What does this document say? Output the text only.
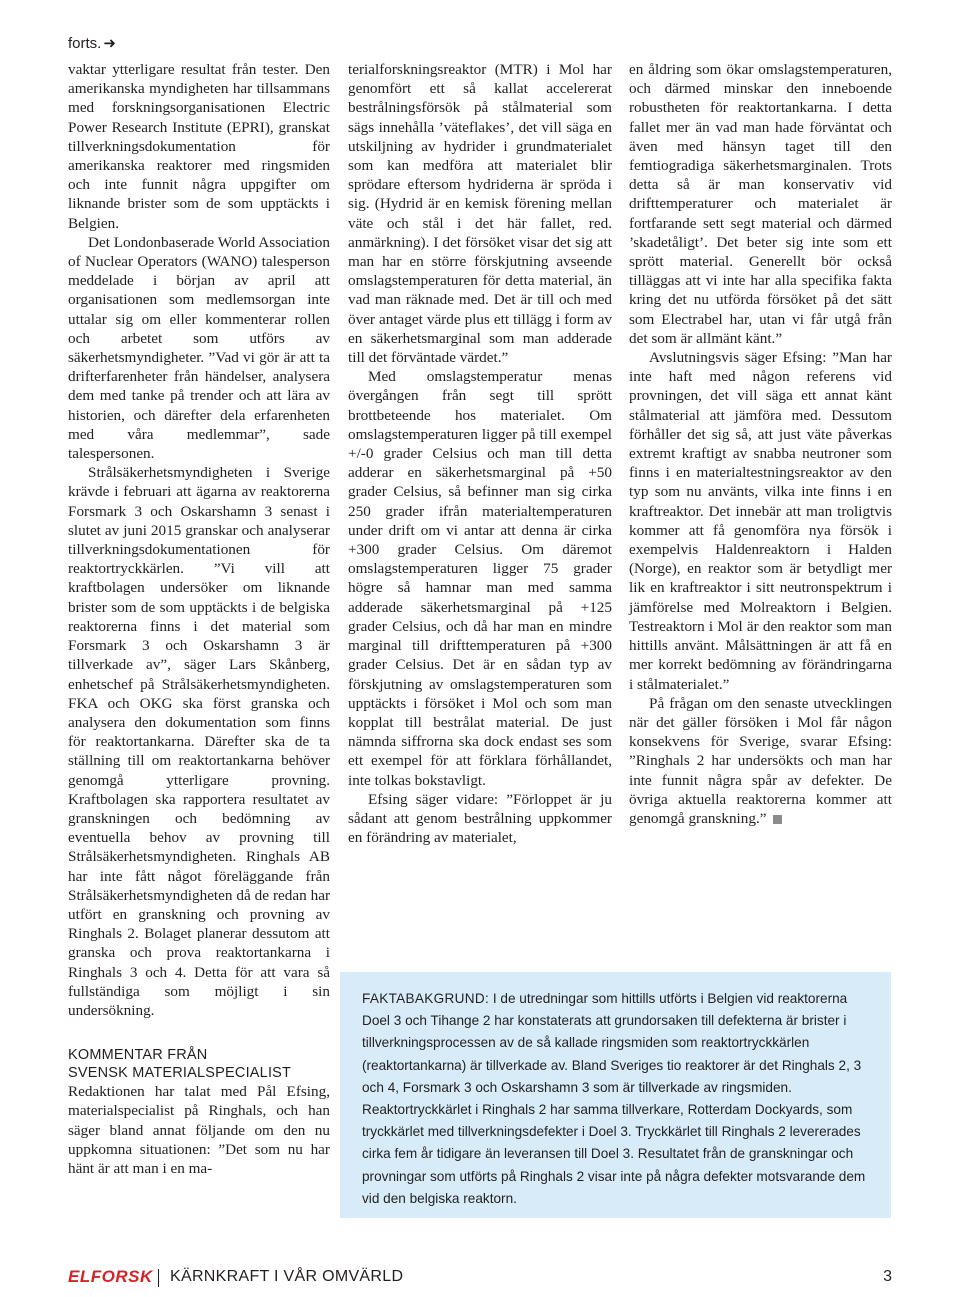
forts. ➜

vaktar ytterligare resultat från tester. Den amerikanska myndigheten har tillsammans med forskningsorganisationen Electric Power Research Institute (EPRI), granskat tillverkningsdokumentation för amerikanska reaktorer med ringsmiden och inte funnit några uppgifter om liknande brister som de som upptäckts i Belgien.

Det Londonbaserade World Association of Nuclear Operators (WANO) talesperson meddelade i början av april att organisationen som medlemsorgan inte uttalar sig om eller kommenterar rollen och arbetet som utförs av säkerhetsmyndigheter. ”Vad vi gör är att ta drifterfarenheter från händelser, analysera dem med tanke på trender och att lära av historien, och därefter dela erfarenheten med våra medlemmar”, sade talespersonen.

Strålsäkerhetsmyndigheten i Sverige krävde i februari att ägarna av reaktorerna Forsmark 3 och Oskarshamn 3 senast i slutet av juni 2015 granskar och analyserar tillverkningsdokumentationen för reaktortryckkärlen. ”Vi vill att kraftbolagen undersöker om liknande brister som de som upptäckts i de belgiska reaktorerna finns i det material som Forsmark 3 och Oskarshamn 3 är tillverkade av”, säger Lars Skånberg, enhetschef på Strålsäkerhetsmyndigheten. FKA och OKG ska först granska och analysera den dokumentation som finns för reaktortankarna. Därefter ska de ta ställning till om reaktortankarna behöver genomgå ytterligare provning. Kraftbolagen ska rapportera resultatet av granskningen och bedömning av eventuella behov av provning till Strålsäkerhetsmyndigheten. Ringhals AB har inte fått något föreläggande från Strålsäkerhetsmyndigheten då de redan har utfört en granskning och provning av Ringhals 2. Bolaget planerar dessutom att granska och prova reaktortankarna i Ringhals 3 och 4. Detta för att vara så fullständiga som möjligt i sin undersökning.

KOMMENTAR FRÅN
SVENSK MATERIALSPECIALIST

Redaktionen har talat med Pål Efsing, materialspecialist på Ringhals, och han säger bland annat följande om den nu uppkomna situationen: ”Det som nu har hänt är att man i en ma-

terialforskningsreaktor (MTR) i Mol har genomfört ett så kallat accelererat bestrålningsförsök på stålmaterial som sägs innehålla ’väteflakes’, det vill säga en utskiljning av hydrider i grundmaterialet som kan medföra att materialet blir sprödare eftersom hydriderna är spröda i sig. (Hydrid är en kemisk förening mellan väte och stål i det här fallet, red. anmärkning). I det försöket visar det sig att man har en större förskjutning avseende omslagstemperaturen för detta material, än vad man räknade med. Det är till och med över antaget värde plus ett tillägg i form av en säkerhetsmarginal som man adderade till det förväntade värdet.”

Med omslagstemperatur menas övergången från segt till sprött brottbeteende hos materialet. Om omslagstemperaturen ligger på till exempel +/-0 grader Celsius och man till detta adderar en säkerhetsmarginal på +50 grader Celsius, så befinner man sig cirka 250 grader ifrån materialtemperaturen under drift om vi antar att denna är cirka +300 grader Celsius. Om däremot omslagstemperaturen ligger 75 grader högre så hamnar man med samma adderade säkerhetsmarginal på +125 grader Celsius, och då har man en mindre marginal till drifttemperaturen på +300 grader Celsius. Det är en sådan typ av förskjutning av omslagstemperaturen som upptäckts i försöket i Mol och som man kopplat till bestrålat material. De just nämnda siffrorna ska dock endast ses som ett exempel för att förklara förhållandet, inte tolkas bokstavligt.

Efsing säger vidare: ”Förloppet är ju sådant att genom bestrålning uppkommer en förändring av materialet,

en åldring som ökar omslagstemperaturen, och därmed minskar den inneboende robustheten för reaktortankarna. I detta fallet mer än vad man hade förväntat och även med hänsyn taget till den femtiogradiga säkerhetsmarginalen. Trots detta så är man konservativ vid drifttemperaturer och materialet är fortfarande sett segt material och därmed ’skadetåligt’. Det beter sig inte som ett sprött material. Generellt bör också tilläggas att vi inte har alla specifika fakta kring det nu utförda försöket på det sätt som Electrabel har, utan vi får utgå från det som är allmänt känt.”

Avslutningsvis säger Efsing: ”Man har inte haft med någon referens vid provningen, det vill säga ett annat känt stålmaterial att jämföra med. Dessutom förhåller det sig så, att just väte påverkas extremt kraftigt av snabba neutroner som finns i en materialtestningsreaktor av den typ som nu använts, vilka inte finns i en kraftreaktor. Det innebär att man troligtvis kommer att få genomföra nya försök i exempelvis Haldenreaktorn i Halden (Norge), en reaktor som är betydligt mer lik en kraftreaktor i sitt neutronspektrum i jämförelse med Molreaktorn i Belgien. Testreaktorn i Mol är den reaktor som man hittills använt. Målsättningen är att få en mer korrekt bedömning av förändringarna i stålmaterialet.”

På frågan om den senaste utvecklingen när det gäller försöken i Mol får någon konsekvens för Sverige, svarar Efsing: ”Ringhals 2 har undersökts och man har inte funnit några spår av defekter. De övriga aktuella reaktorerna kommer att genomgå granskning.”

FAKTABAKGRUND: I de utredningar som hittills utförts i Belgien vid reaktorerna Doel 3 och Tihange 2 har konstaterats att grundorsaken till defekterna är brister i tillverkningsprocessen av de så kallade ringsmiden som reaktortryckkärlen (reaktortankarna) är tillverkade av. Bland Sveriges tio reaktorer är det Ringhals 2, 3 och 4, Forsmark 3 och Oskarshamn 3 som är tillverkade av ringsmiden. Reaktortryckkärlet i Ringhals 2 har samma tillverkare, Rotterdam Dockyards, som tryckkärlet med tillverkningsdefekter i Doel 3. Tryckkärlet till Ringhals 2 levererades cirka fem år tidigare än leveransen till Doel 3. Resultatet från de granskningar och provningar som utförts på Ringhals 2 visar inte på några defekter motsvarande dem vid den belgiska reaktorn.
ELFORSK KÄRNKRAFT I VÅR OMVÄRLD	3
